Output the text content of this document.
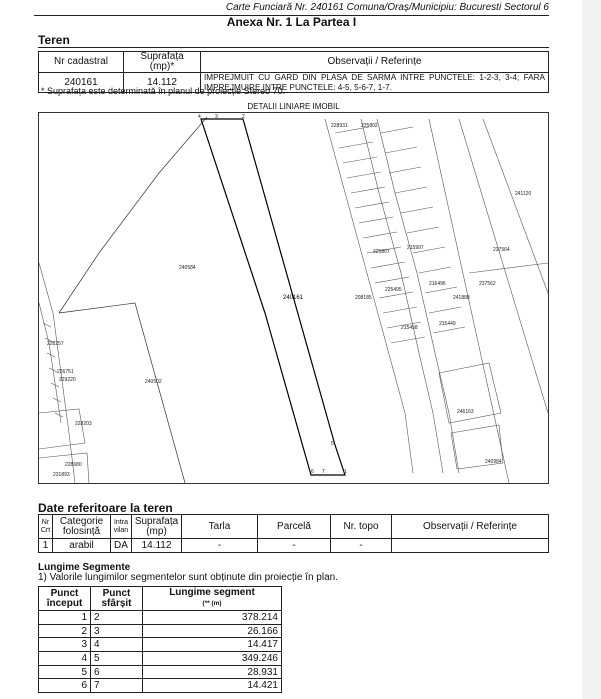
Carte Funciară Nr. 240161 Comuna/Oraș/Municipiu: Bucuresti Sectorul 6
Anexa Nr. 1 La Partea I
Teren
Nr cadastral	Suprafața (mp)*	Observații / Referințe
240161	14.112	IMPREJMUIT CU GARD DIN PLASA DE SARMA INTRE PUNCTELE: 1-2-3, 3-4; FARA IMPREJMUIRE INTRE PUNCTELE: 4-5, 5-6-7, 1-7.
* Suprafața este determinată în planul de proiecție Stereo 70.
DETALII LINIARE IMOBIL
4	3	2
5
1
7
6
240161
240584
240502
208185
228931	225802
241120
237564
237562
241888
225807
215997
225495
216496
215449
215458
228257
229220
228203
228680
231893
246163
240984
226751
Date referitoare la teren
Nr Crt	Categorie folosință	Intra vilan	Suprafața (mp)	Tarla	Parcelă	Nr. topo	Observații / Referințe
1	arabil	DA	14.112	-	-	-	
Lungime Segmente
1) Valorile lungimilor segmentelor sunt obținute din proiecție în plan.
Punct început	Punct sfârșit	Lungime segment
(** (m)
1	2	378.214
2	3	26.166
3	4	14.417
4	5	349.246
5	6	28.931
6	7	14.421
